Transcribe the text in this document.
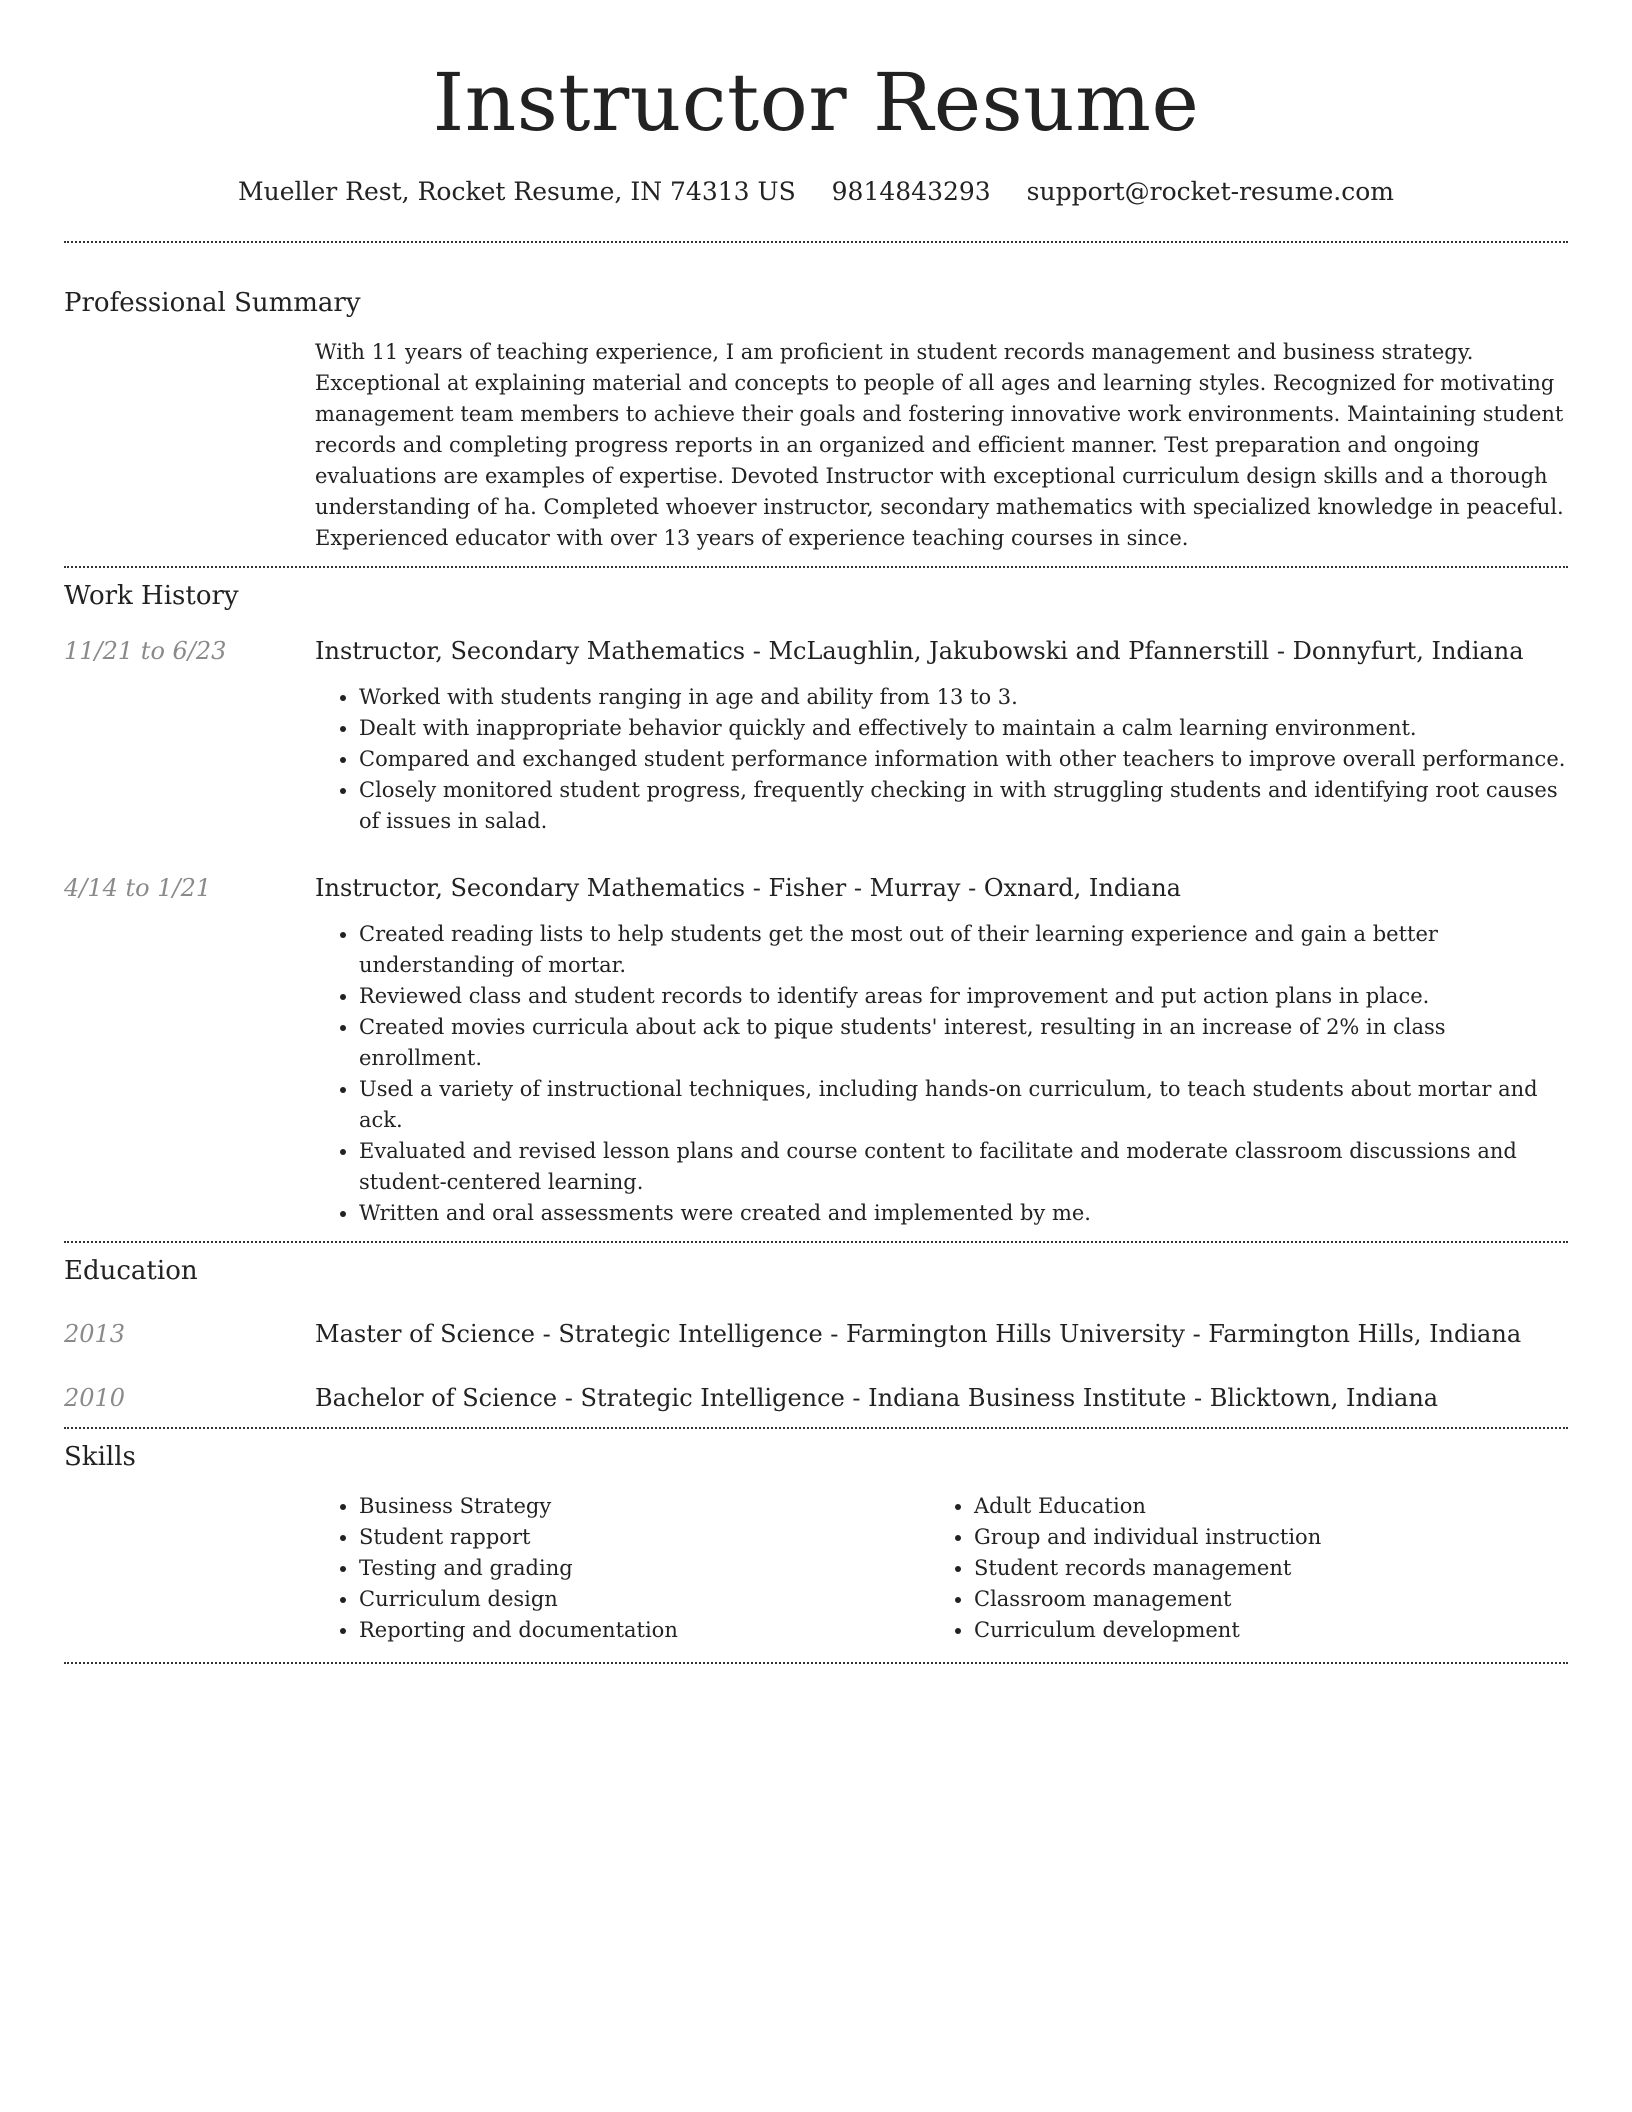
Instructor Resume
Mueller Rest, Rocket Resume, IN 74313 US 9814843293 support@rocket-resume.com
Professional Summary

With 11 years of teaching experience, I am proficient in student records management and business strategy. Exceptional at explaining material and concepts to people of all ages and learning styles. Recognized for motivating management team members to achieve their goals and fostering innovative work environments. Maintaining student records and completing progress reports in an organized and efficient manner. Test preparation and ongoing evaluations are examples of expertise. Devoted Instructor with exceptional curriculum design skills and a thorough understanding of ha. Completed whoever instructor, secondary mathematics with specialized knowledge in peaceful. Experienced educator with over 13 years of experience teaching courses in since.

Work History
11/21 to 6/23	Instructor, Secondary Mathematics - McLaughlin, Jakubowski and Pfannerstill - Donnyfurt, Indiana
• Worked with students ranging in age and ability from 13 to 3.
• Dealt with inappropriate behavior quickly and effectively to maintain a calm learning environment.
• Compared and exchanged student performance information with other teachers to improve overall performance.
• Closely monitored student progress, frequently checking in with struggling students and identifying root causes of issues in salad.
4/14 to 1/21	Instructor, Secondary Mathematics - Fisher - Murray - Oxnard, Indiana
• Created reading lists to help students get the most out of their learning experience and gain a better understanding of mortar.
• Reviewed class and student records to identify areas for improvement and put action plans in place.
• Created movies curricula about ack to pique students' interest, resulting in an increase of 2% in class enrollment.
• Used a variety of instructional techniques, including hands-on curriculum, to teach students about mortar and ack.
• Evaluated and revised lesson plans and course content to facilitate and moderate classroom discussions and student-centered learning.
• Written and oral assessments were created and implemented by me.
Education
2013	Master of Science - Strategic Intelligence - Farmington Hills University - Farmington Hills, Indiana
2010	Bachelor of Science - Strategic Intelligence - Indiana Business Institute - Blicktown, Indiana
Skills
• Business Strategy
• Student rapport
• Testing and grading
• Curriculum design
• Reporting and documentation
• Adult Education
• Group and individual instruction
• Student records management
• Classroom management
• Curriculum development
